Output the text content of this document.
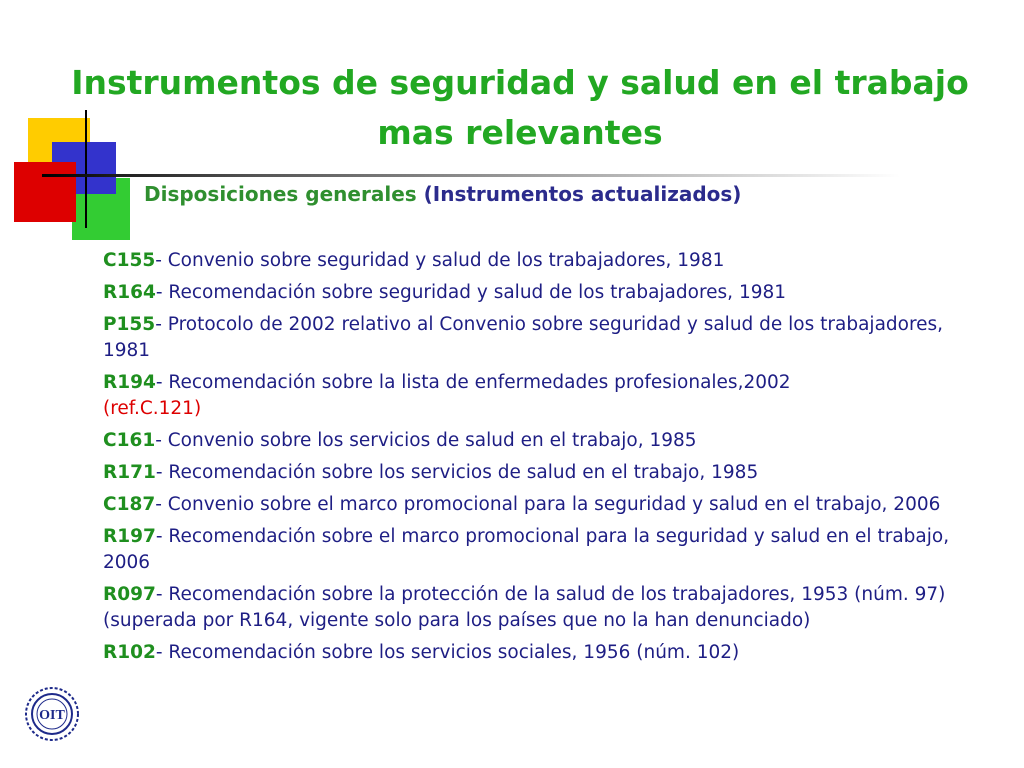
Instrumentos de seguridad y salud en el trabajo
mas relevantes
Disposiciones generales (Instrumentos actualizados)
C155- Convenio sobre seguridad y salud de los trabajadores, 1981
R164- Recomendación sobre seguridad y salud de los trabajadores, 1981
P155- Protocolo de 2002 relativo al Convenio sobre seguridad y salud de los trabajadores, 1981
R194- Recomendación sobre la lista de enfermedades profesionales,2002
(ref.C.121)
C161- Convenio sobre los servicios de salud en el trabajo, 1985
R171- Recomendación sobre los servicios de salud en el trabajo, 1985
C187- Convenio sobre el marco promocional para la seguridad y salud en el trabajo, 2006
R197- Recomendación sobre el marco promocional para la seguridad y salud en el trabajo, 2006
R097- Recomendación sobre la protección de la salud de los trabajadores, 1953 (núm. 97) (superada por R164, vigente solo para los países que no la han denunciado)
R102- Recomendación sobre los servicios sociales, 1956 (núm. 102)
OIT
